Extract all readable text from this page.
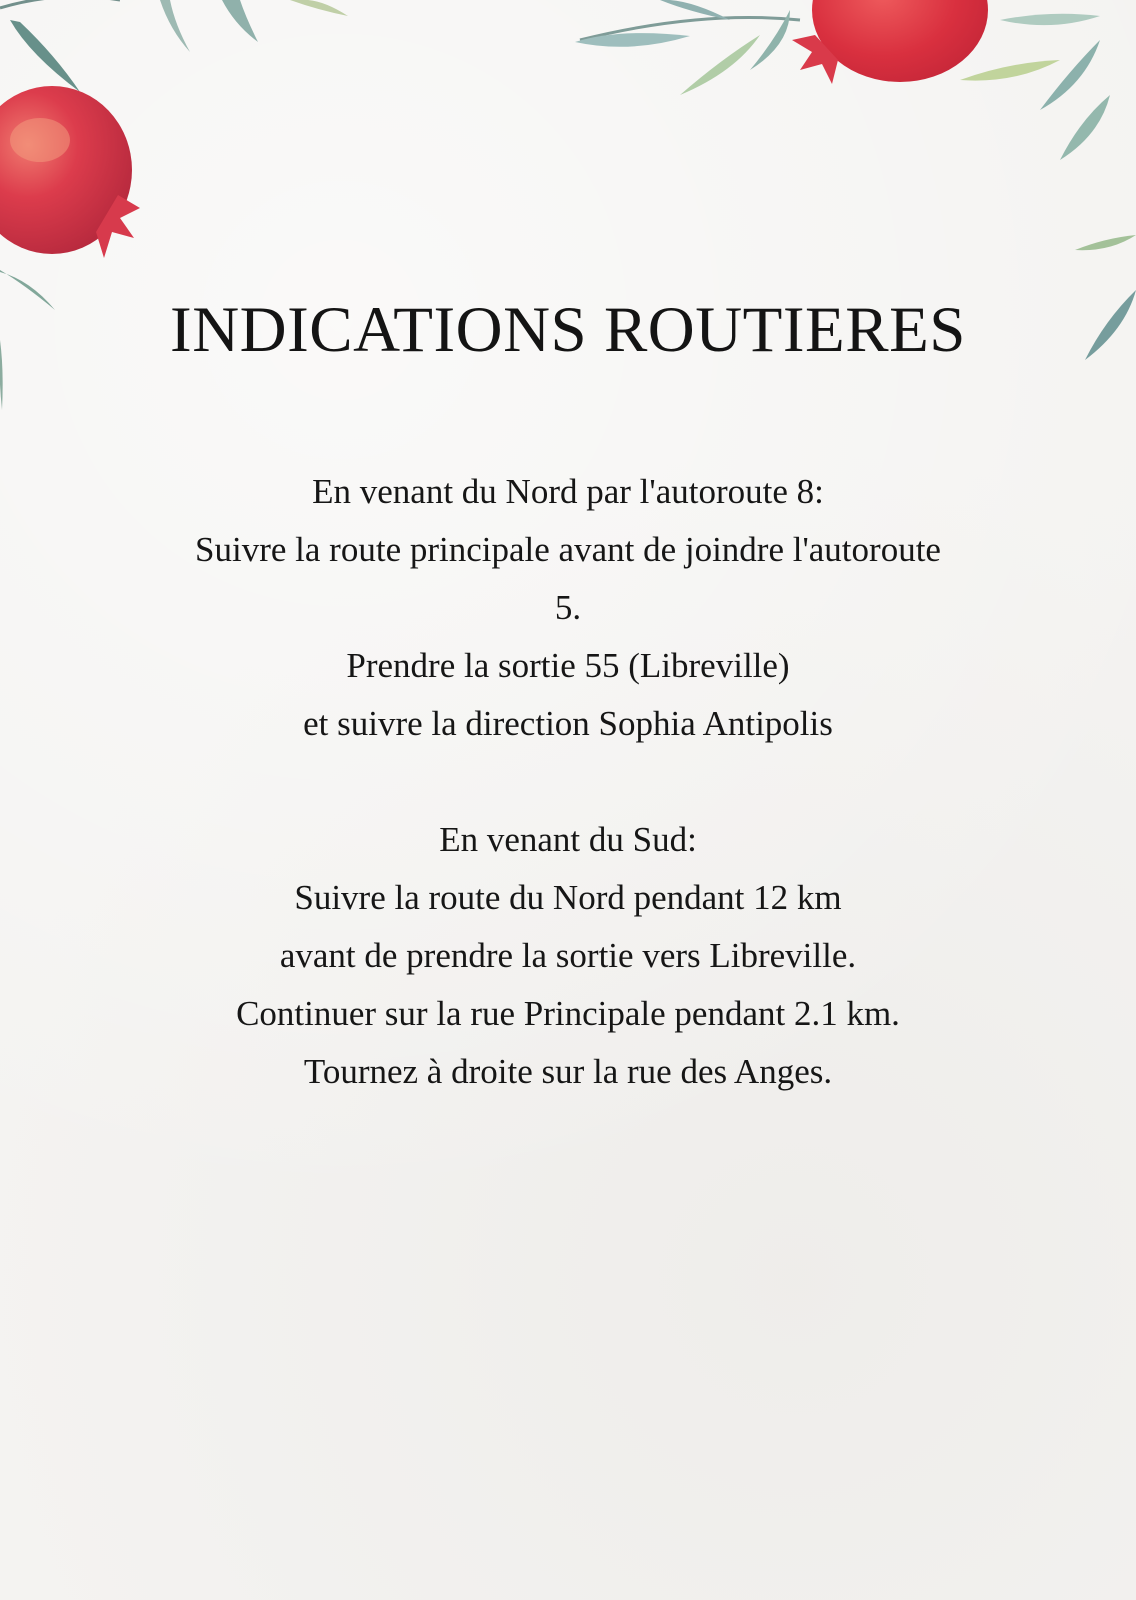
INDICATIONS ROUTIERES

En venant du Nord par l'autoroute 8:
Suivre la route principale avant de joindre l'autoroute
5.
Prendre la sortie 55 (Libreville)
et suivre la direction Sophia Antipolis

En venant du Sud:
Suivre la route du Nord pendant 12 km
avant de prendre la sortie vers Libreville.
Continuer sur la rue Principale pendant 2.1 km.
Tournez à droite sur la rue des Anges.
